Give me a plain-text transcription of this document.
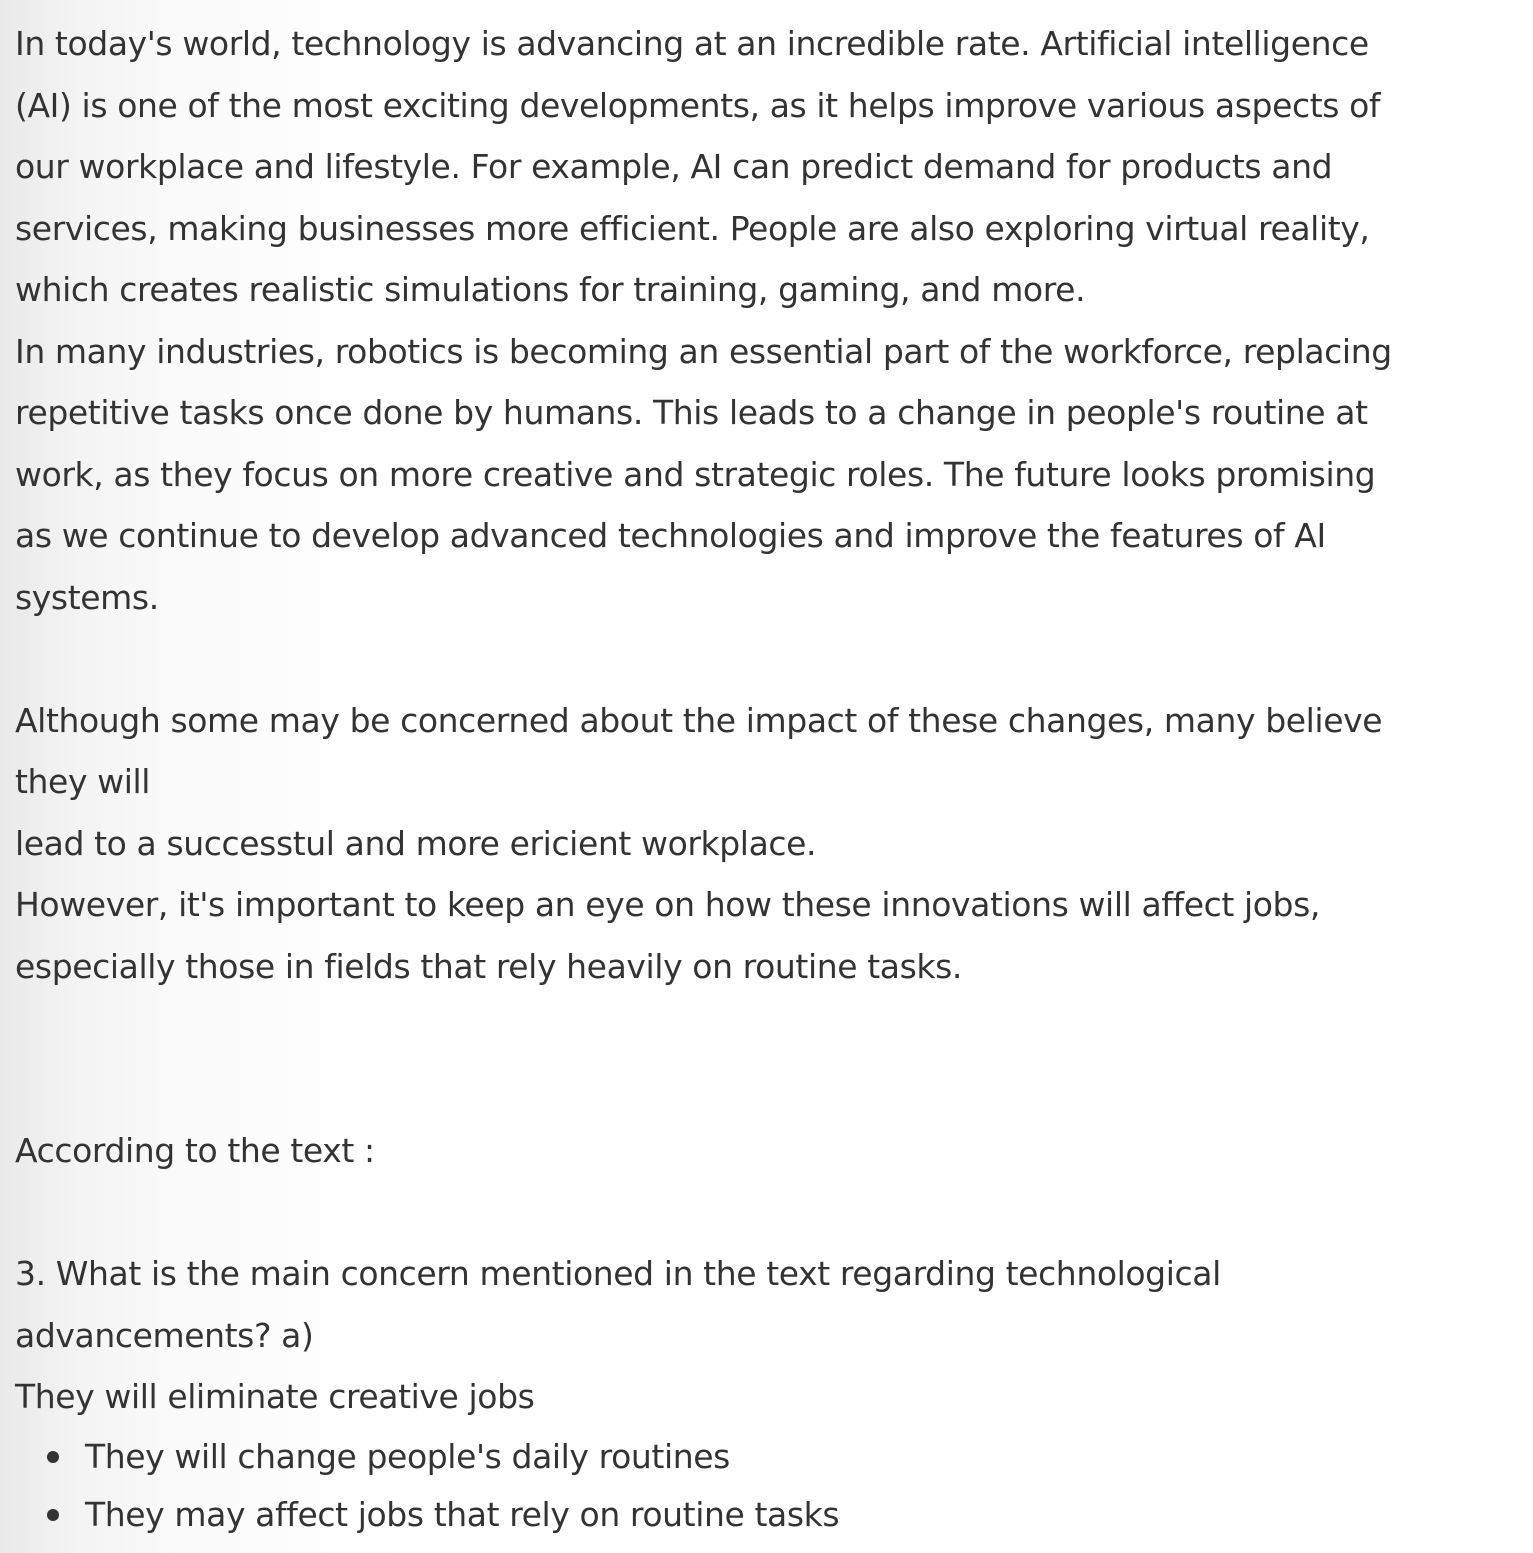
In today's world, technology is advancing at an incredible rate. Artificial intelligence
(AI) is one of the most exciting developments, as it helps improve various aspects of
our workplace and lifestyle. For example, AI can predict demand for products and
services, making businesses more efficient. People are also exploring virtual reality,
which creates realistic simulations for training, gaming, and more.
In many industries, robotics is becoming an essential part of the workforce, replacing
repetitive tasks once done by humans. This leads to a change in people's routine at
work, as they focus on more creative and strategic roles. The future looks promising
as we continue to develop advanced technologies and improve the features of AI
systems.
Although some may be concerned about the impact of these changes, many believe
they will
lead to a successtul and more ericient workplace.
However, it's important to keep an eye on how these innovations will affect jobs,
especially those in fields that rely heavily on routine tasks.
According to the text :
3. What is the main concern mentioned in the text regarding technological
advancements? a)
They will eliminate creative jobs
They will change people's daily routines
They may affect jobs that rely on routine tasks
